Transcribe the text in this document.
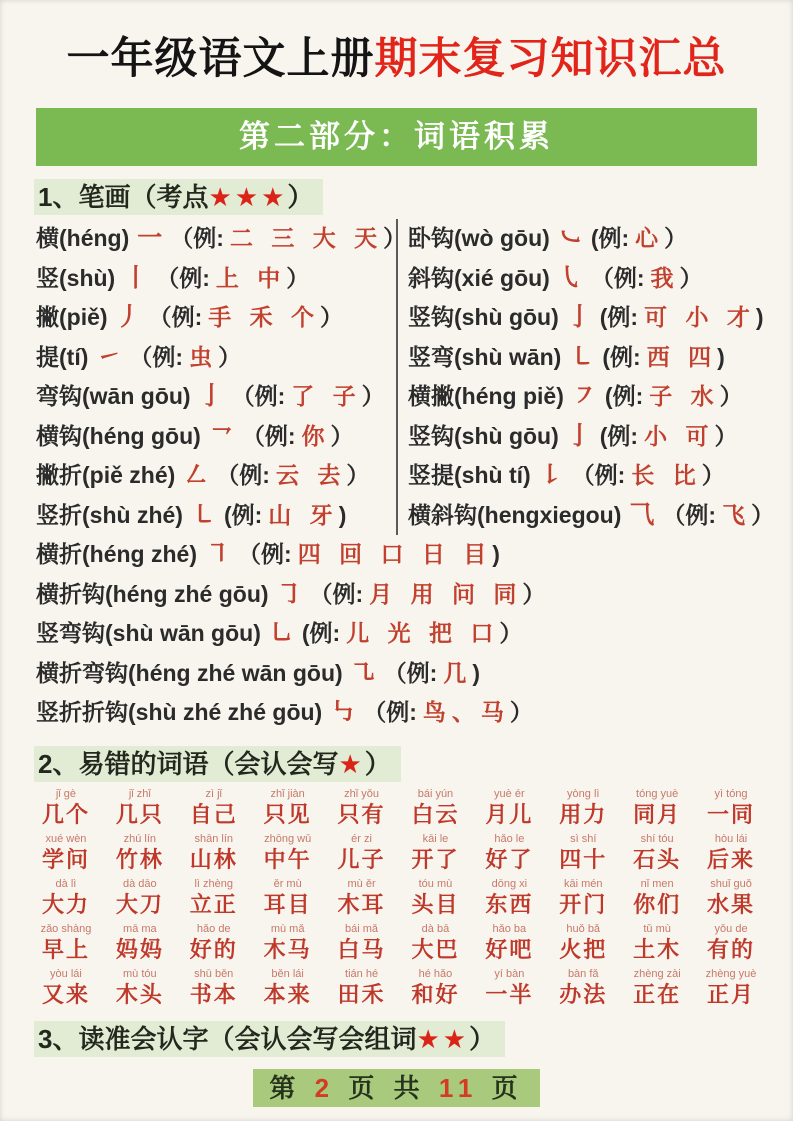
一年级语文上册期末复习知识汇总
第二部分：词语积累
1、笔画（考点★★★）
横(héng) 一 （例: 二 三 大 天）
竖(shù) 丨 （例: 上 中）
撇(piě) 丿 （例: 手 禾 个）
提(tí) ㇀ （例: 虫）
弯钩(wān gōu) 亅 （例: 了 子）
横钩(héng gōu) ㇖ （例: 你）
撇折(piě zhé) ㇜ （例: 云 去）
竖折(shù zhé) ㇄ (例: 山 牙)
卧钩(wò gōu) ㇃ (例: 心）
斜钩(xié gōu) ㇂ （例: 我）
竖钩(shù gōu) 亅 (例: 可 小 才)
竖弯(shù wān) ㇄ (例: 西 四)
横撇(héng piě) ㇇ (例: 子 水）
竖钩(shù gōu) 亅 (例: 小 可）
竖提(shù tí) ㇙ （例: 长 比）
横斜钩(hengxiegou) ⺄ （例: 飞）
横折(héng zhé) ㇕ （例: 四 回 口 日 目)
横折钩(héng zhé gōu) ㇆ （例: 月 用 问 同）
竖弯钩(shù wān gōu) ㇟ (例: 儿 光 把 口）
横折弯钩(héng zhé wān gōu) ㇈ （例: 几)
竖折折钩(shù zhé zhé gōu) ㇉ （例: 鸟、马）
2、易错的词语（会认会写★）
jǐ gè
几个
jǐ zhǐ
几只
zì jǐ
自己
zhǐ jiàn
只见
zhǐ yǒu
只有
bái yún
白云
yuè ér
月儿
yòng lì
用力
tóng yuè
同月
yì tóng
一同
xué wèn
学问
zhú lín
竹林
shān lín
山林
zhōng wǔ
中午
ér zi
儿子
kāi le
开了
hǎo le
好了
sì shí
四十
shí tóu
石头
hòu lái
后来
dà lì
大力
dà dāo
大刀
lì zhèng
立正
ěr mù
耳目
mù ěr
木耳
tóu mù
头目
dōng xi
东西
kāi mén
开门
nǐ men
你们
shuǐ guǒ
水果
zǎo shàng
早上
mā ma
妈妈
hǎo de
好的
mù mǎ
木马
bái mǎ
白马
dà bā
大巴
hǎo ba
好吧
huǒ bǎ
火把
tǔ mù
土木
yǒu de
有的
yòu lái
又来
mù tóu
木头
shū běn
书本
běn lái
本来
tián hé
田禾
hé hǎo
和好
yí bàn
一半
bàn fǎ
办法
zhèng zài
正在
zhèng yuè
正月
3、读准会认字（会认会写会组词★★）
第 2 页 共 11 页
